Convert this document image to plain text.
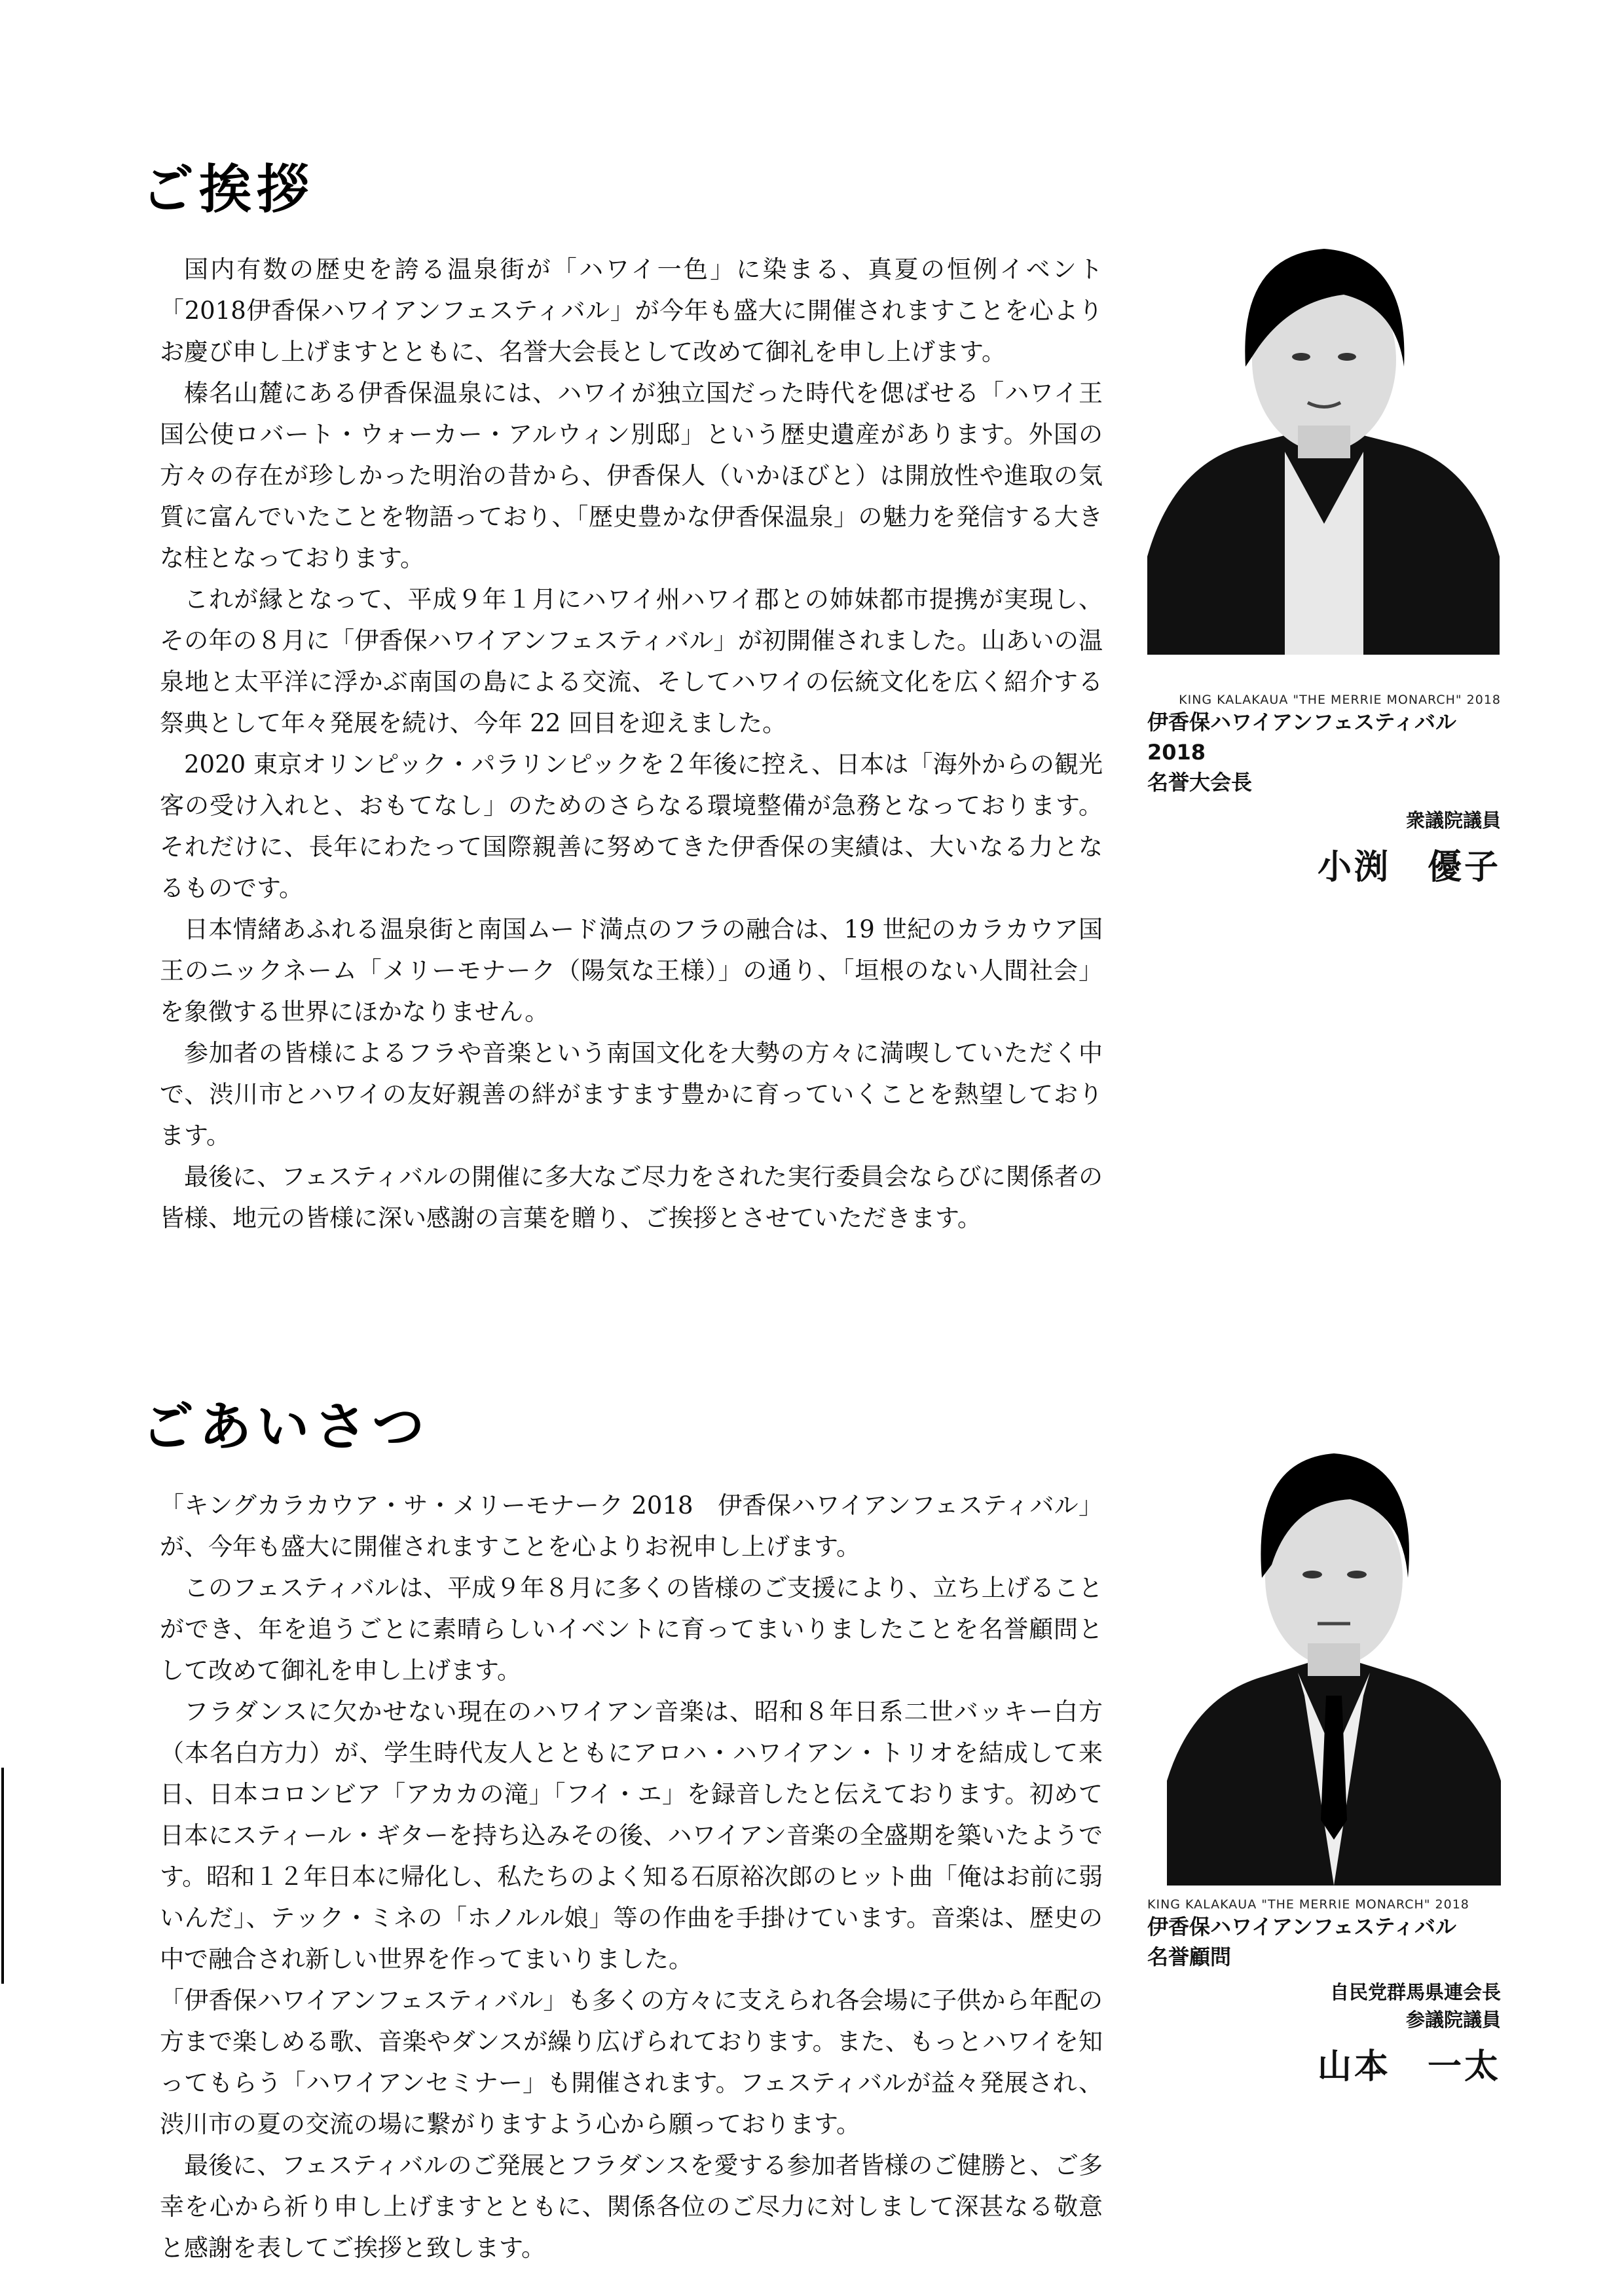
ご挨拶

国内有数の歴史を誇る温泉街が「ハワイ一色」に染まる、真夏の恒例イベント「2018伊香保ハワイアンフェスティバル」が今年も盛大に開催されますことを心よりお慶び申し上げますとともに、名誉大会長として改めて御礼を申し上げます。

榛名山麓にある伊香保温泉には、ハワイが独立国だった時代を偲ばせる「ハワイ王国公使ロバート・ウォーカー・アルウィン別邸」という歴史遺産があります。外国の方々の存在が珍しかった明治の昔から、伊香保人（いかほびと）は開放性や進取の気質に富んでいたことを物語っており、「歴史豊かな伊香保温泉」の魅力を発信する大きな柱となっております。

これが縁となって、平成９年１月にハワイ州ハワイ郡との姉妹都市提携が実現し、その年の８月に「伊香保ハワイアンフェスティバル」が初開催されました。山あいの温泉地と太平洋に浮かぶ南国の島による交流、そしてハワイの伝統文化を広く紹介する祭典として年々発展を続け、今年 22 回目を迎えました。

2020 東京オリンピック・パラリンピックを２年後に控え、日本は「海外からの観光客の受け入れと、おもてなし」のためのさらなる環境整備が急務となっております。それだけに、長年にわたって国際親善に努めてきた伊香保の実績は、大いなる力となるものです。

日本情緒あふれる温泉街と南国ムード満点のフラの融合は、19 世紀のカラカウア国王のニックネーム「メリーモナーク（陽気な王様）」の通り、「垣根のない人間社会」を象徴する世界にほかなりません。

参加者の皆様によるフラや音楽という南国文化を大勢の方々に満喫していただく中で、渋川市とハワイの友好親善の絆がますます豊かに育っていくことを熱望しております。

最後に、フェスティバルの開催に多大なご尽力をされた実行委員会ならびに関係者の皆様、地元の皆様に深い感謝の言葉を贈り、ご挨拶とさせていただきます。

KING KALAKAUA "THE MERRIE MONARCH" 2018
伊香保ハワイアンフェスティバル
2018
名誉大会長
衆議院議員
小渕　優子
ごあいさつ

「キングカラカウア・サ・メリーモナーク 2018　伊香保ハワイアンフェスティバル」が、今年も盛大に開催されますことを心よりお祝申し上げます。

このフェスティバルは、平成９年８月に多くの皆様のご支援により、立ち上げることができ、年を追うごとに素晴らしいイベントに育ってまいりましたことを名誉顧問として改めて御礼を申し上げます。

フラダンスに欠かせない現在のハワイアン音楽は、昭和８年日系二世バッキー白方（本名白方力）が、学生時代友人とともにアロハ・ハワイアン・トリオを結成して来日、日本コロンビア「アカカの滝」「フイ・エ」を録音したと伝えております。初めて日本にスティール・ギターを持ち込みその後、ハワイアン音楽の全盛期を築いたようです。昭和１２年日本に帰化し、私たちのよく知る石原裕次郎のヒット曲「俺はお前に弱いんだ」、テック・ミネの「ホノルル娘」等の作曲を手掛けています。音楽は、歴史の中で融合され新しい世界を作ってまいりました。

「伊香保ハワイアンフェスティバル」も多くの方々に支えられ各会場に子供から年配の方まで楽しめる歌、音楽やダンスが繰り広げられております。また、もっとハワイを知ってもらう「ハワイアンセミナー」も開催されます。フェスティバルが益々発展され、渋川市の夏の交流の場に繋がりますよう心から願っております。

最後に、フェスティバルのご発展とフラダンスを愛する参加者皆様のご健勝と、ご多幸を心から祈り申し上げますとともに、関係各位のご尽力に対しまして深甚なる敬意と感謝を表してご挨拶と致します。

KING KALAKAUA "THE MERRIE MONARCH" 2018
伊香保ハワイアンフェスティバル
名誉顧問
自民党群馬県連会長
参議院議員
山本　一太
